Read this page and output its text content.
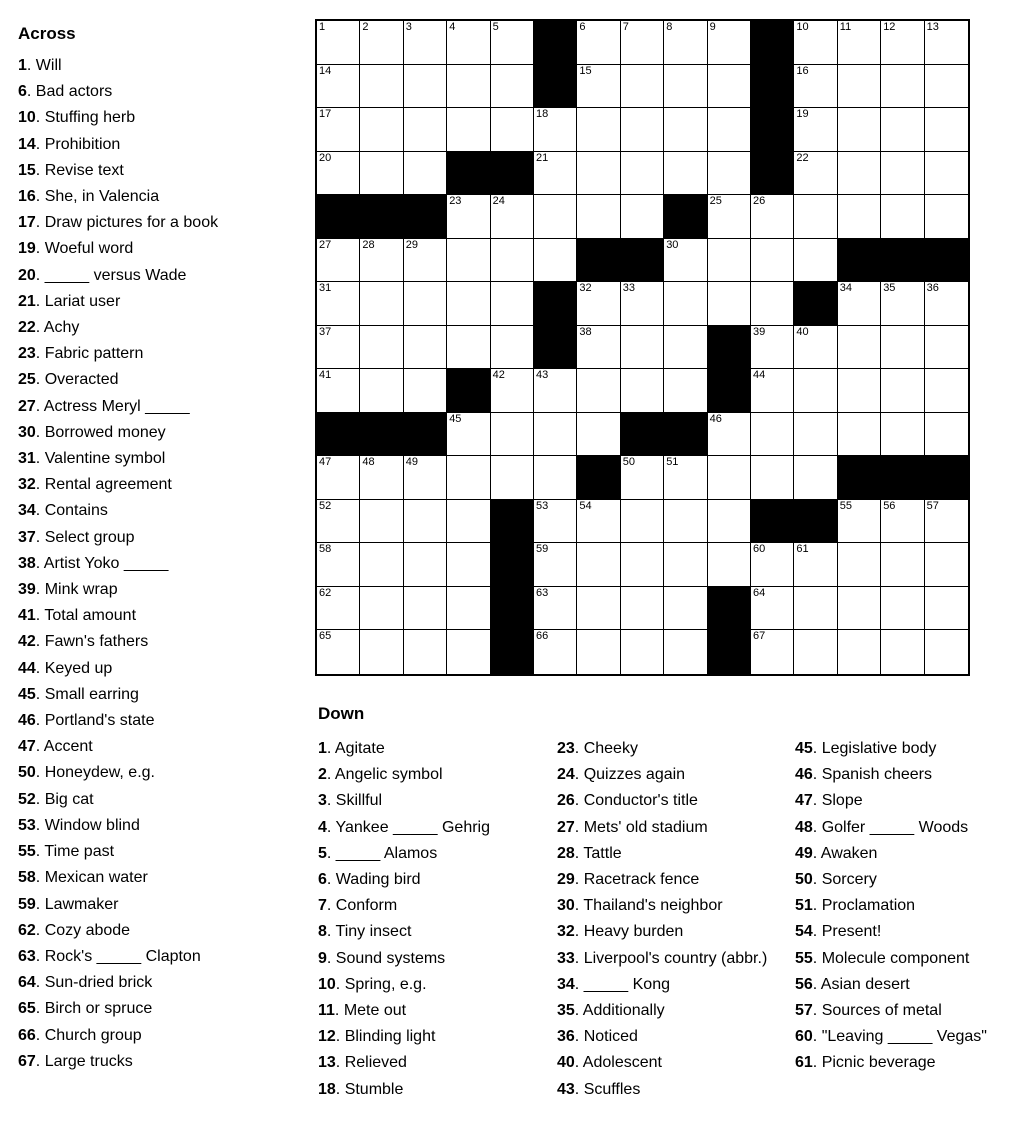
Across
1. Will
6. Bad actors
10. Stuffing herb
14. Prohibition
15. Revise text
16. She, in Valencia
17. Draw pictures for a book
19. Woeful word
20. _____ versus Wade
21. Lariat user
22. Achy
23. Fabric pattern
25. Overacted
27. Actress Meryl _____
30. Borrowed money
31. Valentine symbol
32. Rental agreement
34. Contains
37. Select group
38. Artist Yoko _____
39. Mink wrap
41. Total amount
42. Fawn's fathers
44. Keyed up
45. Small earring
46. Portland's state
47. Accent
50. Honeydew, e.g.
52. Big cat
53. Window blind
55. Time past
58. Mexican water
59. Lawmaker
62. Cozy abode
63. Rock's _____ Clapton
64. Sun-dried brick
65. Birch or spruce
66. Church group
67. Large trucks
1	2	3	4	5	6	7	8	9	10	11	12	13
14	15	16
17	18	19
20	21	22
23	24	25	26
27	28	29	30
31	32	33	34	35	36
37	38	39	40
41	42	43	44
45	46
47	48	49	50	51
52	53	54	55	56	57
58	59	60	61
62	63	64
65	66	67
Down
1. Agitate
2. Angelic symbol
3. Skillful
4. Yankee _____ Gehrig
5. _____ Alamos
6. Wading bird
7. Conform
8. Tiny insect
9. Sound systems
10. Spring, e.g.
11. Mete out
12. Blinding light
13. Relieved
18. Stumble
23. Cheeky
24. Quizzes again
26. Conductor's title
27. Mets' old stadium
28. Tattle
29. Racetrack fence
30. Thailand's neighbor
32. Heavy burden
33. Liverpool's country (abbr.)
34. _____ Kong
35. Additionally
36. Noticed
40. Adolescent
43. Scuffles
45. Legislative body
46. Spanish cheers
47. Slope
48. Golfer _____ Woods
49. Awaken
50. Sorcery
51. Proclamation
54. Present!
55. Molecule component
56. Asian desert
57. Sources of metal
60. "Leaving _____ Vegas"
61. Picnic beverage
